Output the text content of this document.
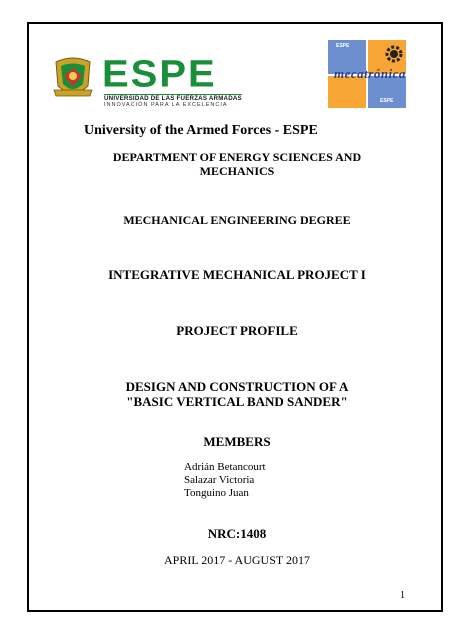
ESPE
UNIVERSIDAD DE LAS FUERZAS ARMADAS
INNOVACIÓN PARA LA EXCELENCIA
mecatrónica
ESPE
ESPE
University of the Armed Forces - ESPE
DEPARTMENT OF ENERGY SCIENCES AND
MECHANICS
MECHANICAL ENGINEERING DEGREE
INTEGRATIVE MECHANICAL PROJECT I
PROJECT PROFILE
DESIGN AND CONSTRUCTION OF A
"BASIC VERTICAL BAND SANDER"
MEMBERS
Adrián Betancourt
Salazar Victoria
Tonguino Juan
NRC:1408
APRIL 2017 - AUGUST 2017
1
